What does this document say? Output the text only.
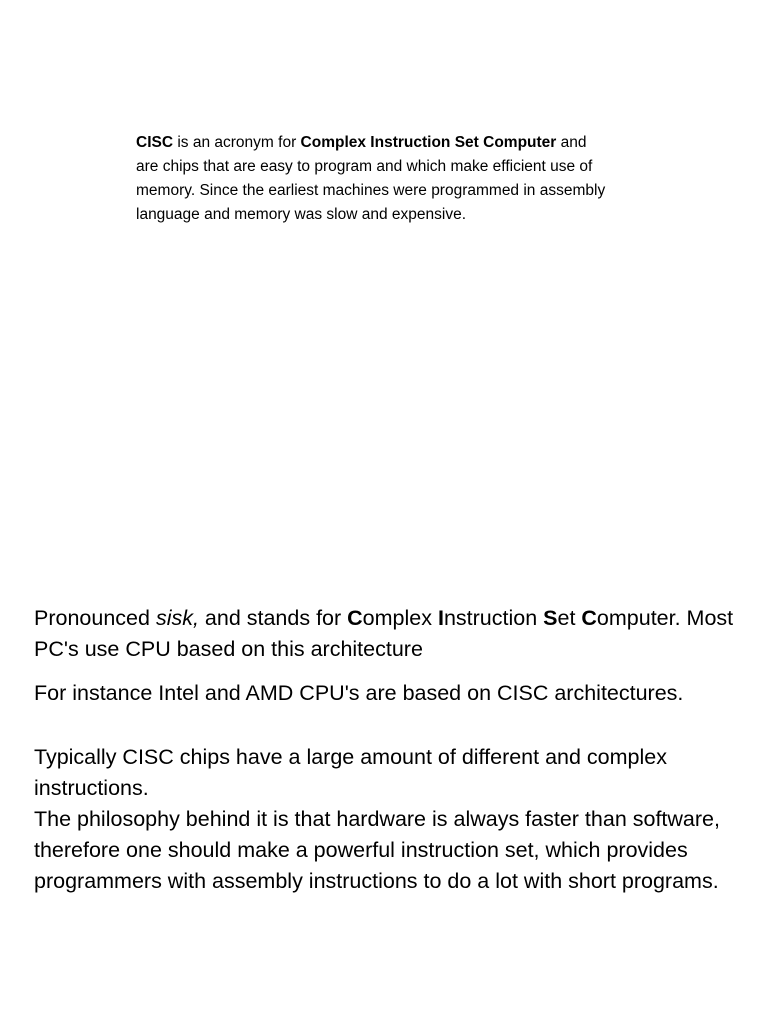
CISC is an acronym for Complex Instruction Set Computer and are chips that are easy to program and which make efficient use of memory. Since the earliest machines were programmed in assembly language and memory was slow and expensive.

Pronounced sisk, and stands for Complex Instruction Set Computer. Most PC's use CPU based on this architecture

For instance Intel and AMD CPU's are based on CISC architectures.

Typically CISC chips have a large amount of different and complex instructions.

The philosophy behind it is that hardware is always faster than software, therefore one should make a powerful instruction set, which provides programmers with assembly instructions to do a lot with short programs.
